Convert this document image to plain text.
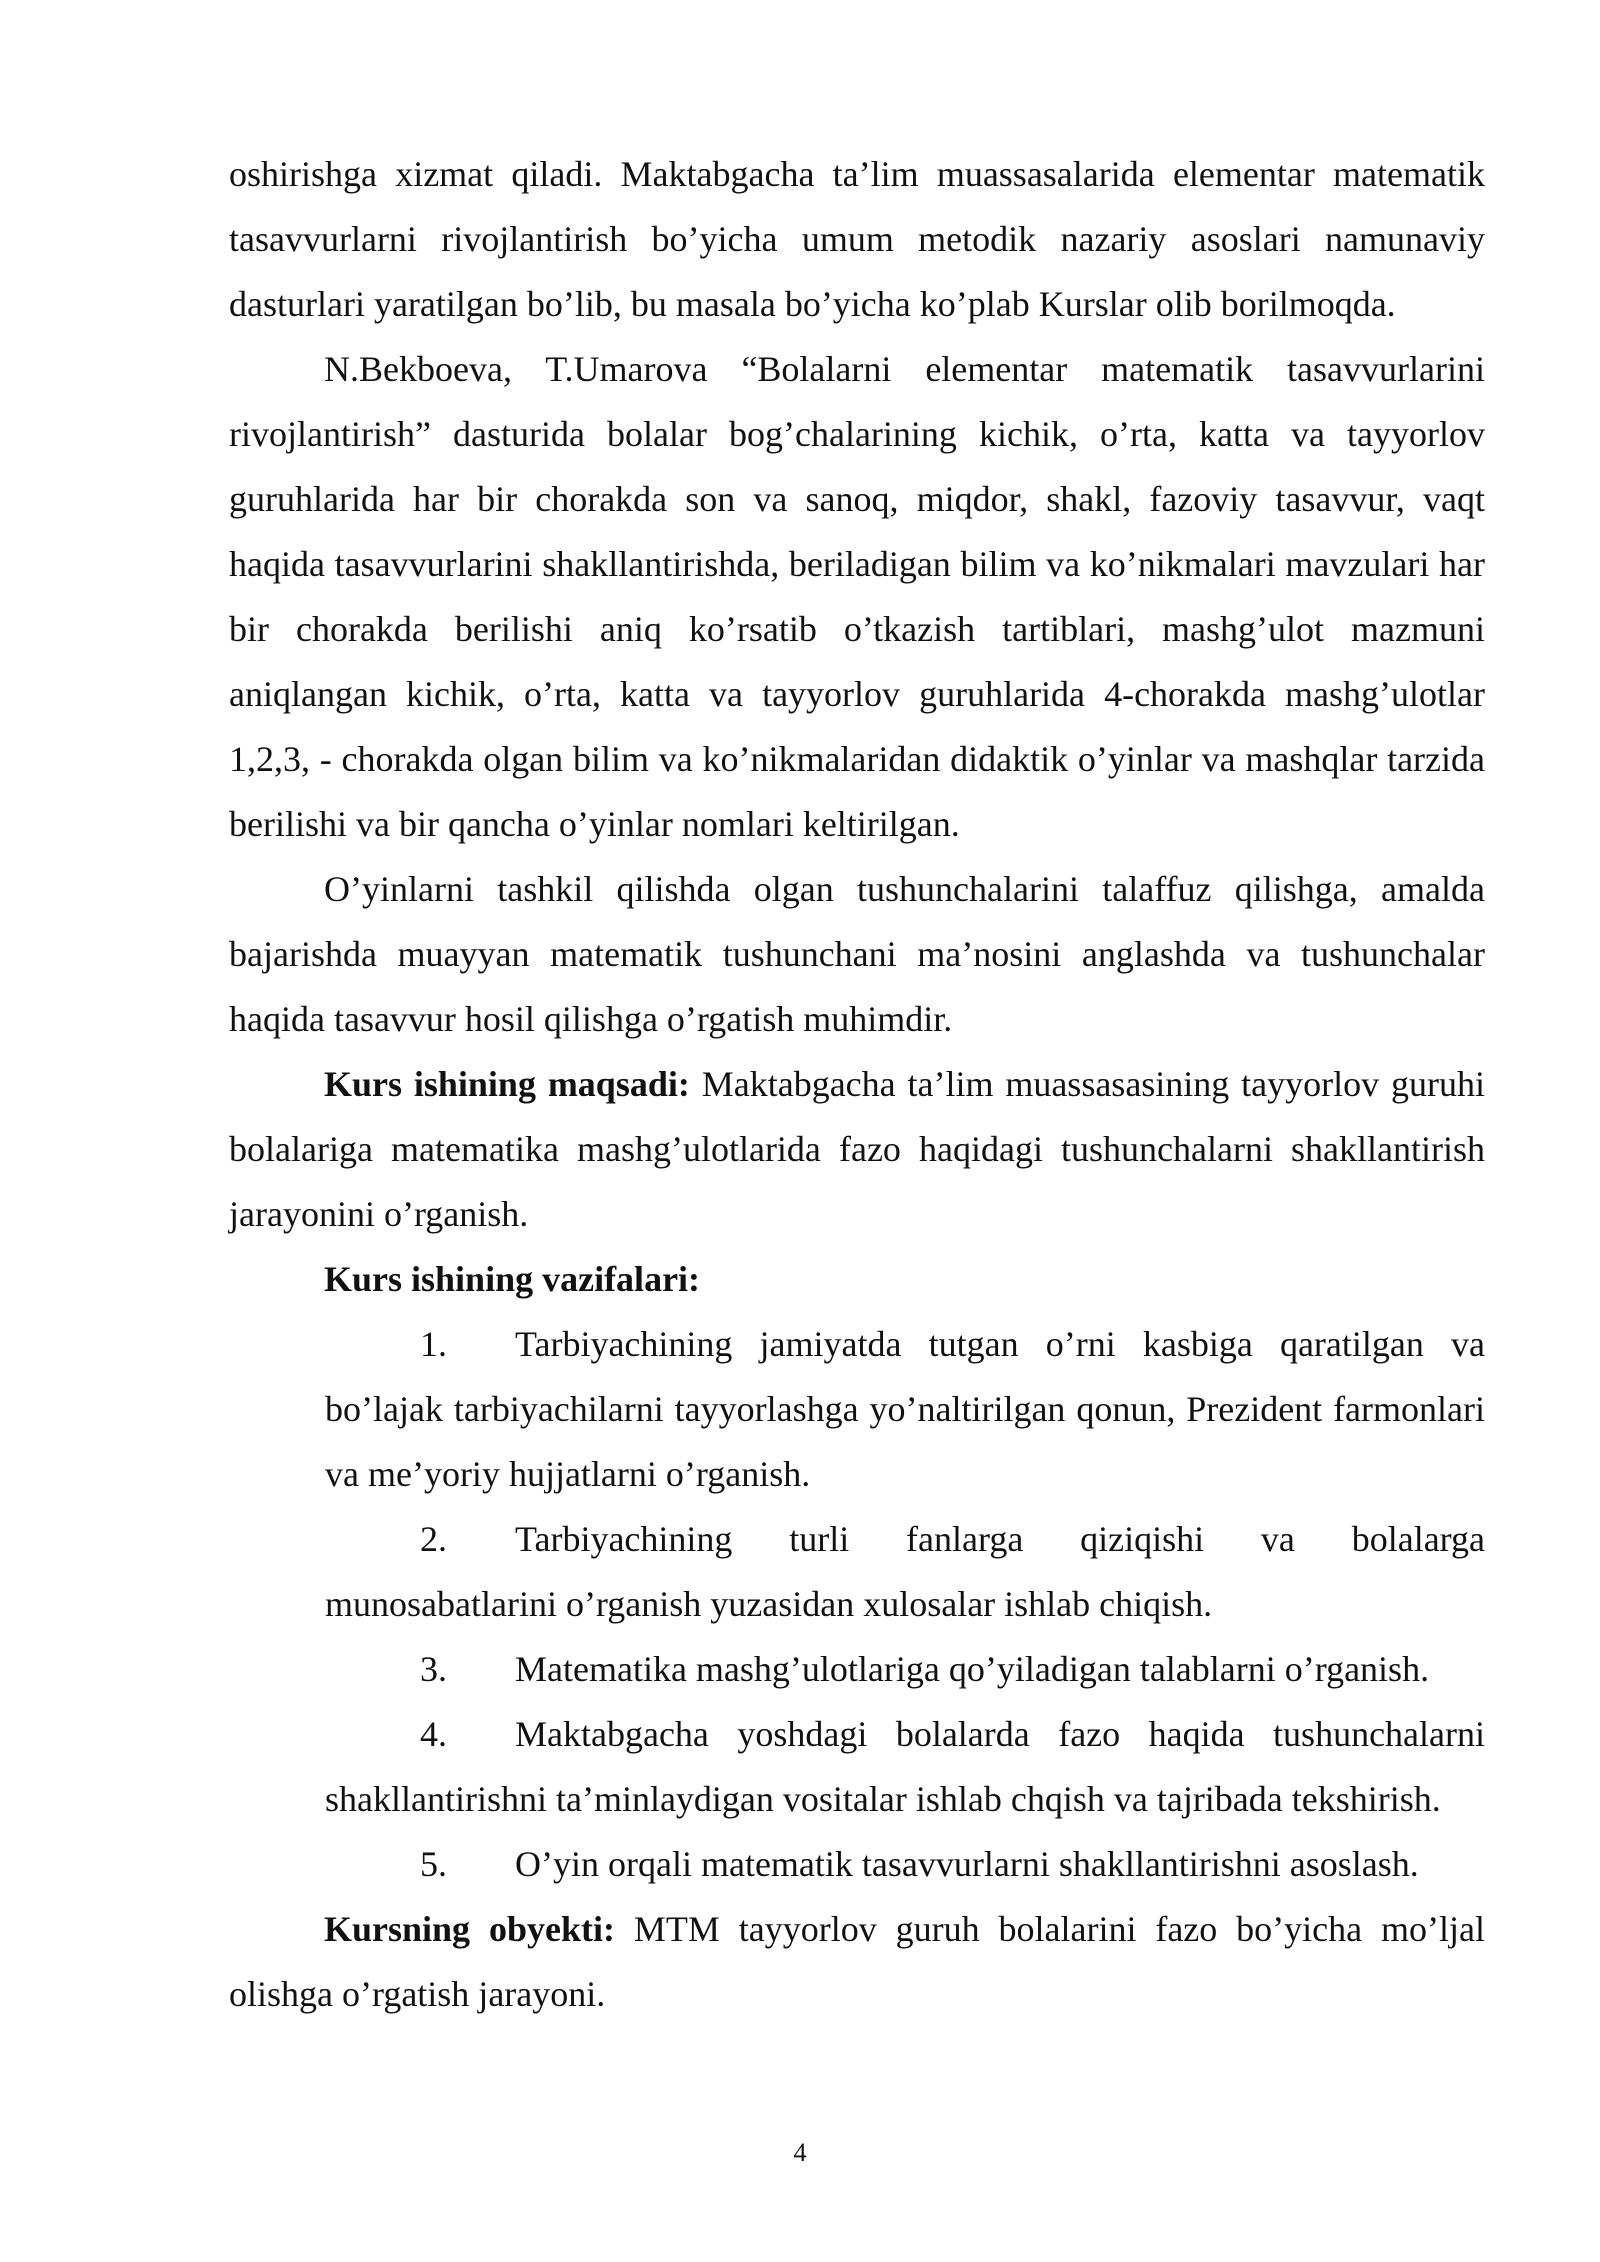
oshirishga xizmat qiladi. Maktabgacha ta’lim muassasalarida elementar matematik tasavvurlarni rivojlantirish bo’yicha umum metodik nazariy asoslari namunaviy dasturlari yaratilgan bo’lib, bu masala bo’yicha ko’plab Kurslar olib borilmoqda.

N.Bekboeva, T.Umarova “Bolalarni elementar matematik tasavvurlarini rivojlantirish” dasturida bolalar bog’chalarining kichik, o’rta, katta va tayyorlov guruhlarida har bir chorakda son va sanoq, miqdor, shakl, fazoviy tasavvur, vaqt haqida tasavvurlarini shakllantirishda, beriladigan bilim va ko’nikmalari mavzulari har bir chorakda berilishi aniq ko’rsatib o’tkazish tartiblari, mashg’ulot mazmuni aniqlangan kichik, o’rta, katta va tayyorlov guruhlarida 4-chorakda mashg’ulotlar 1,2,3, - chorakda olgan bilim va ko’nikmalaridan didaktik o’yinlar va mashqlar tarzida berilishi va bir qancha o’yinlar nomlari keltirilgan.

O’yinlarni tashkil qilishda olgan tushunchalarini talaffuz qilishga, amalda bajarishda muayyan matematik tushunchani ma’nosini anglashda va tushunchalar haqida tasavvur hosil qilishga o’rgatish muhimdir.

Kurs ishining maqsadi: Maktabgacha ta’lim muassasasining tayyorlov guruhi bolalariga matematika mashg’ulotlarida fazo haqidagi tushunchalarni shakllantirish jarayonini o’rganish.

Kurs ishining vazifalari:

1. Tarbiyachining jamiyatda tutgan o’rni kasbiga qaratilgan va bo’lajak tarbiyachilarni tayyorlashga yo’naltirilgan qonun, Prezident farmonlari va me’yoriy hujjatlarni o’rganish.

2. Tarbiyachining turli fanlarga qiziqishi va bolalarga munosabatlarini o’rganish yuzasidan xulosalar ishlab chiqish.

3. Matematika mashg’ulotlariga qo’yiladigan talablarni o’rganish.

4. Maktabgacha yoshdagi bolalarda fazo haqida tushunchalarni shakllantirishni ta’minlaydigan vositalar ishlab chqish va tajribada tekshirish.

5. O’yin orqali matematik tasavvurlarni shakllantirishni asoslash.

Kursning obyekti: MTM tayyorlov guruh bolalarini fazo bo’yicha mo’ljal olishga o’rgatish jarayoni.

4
